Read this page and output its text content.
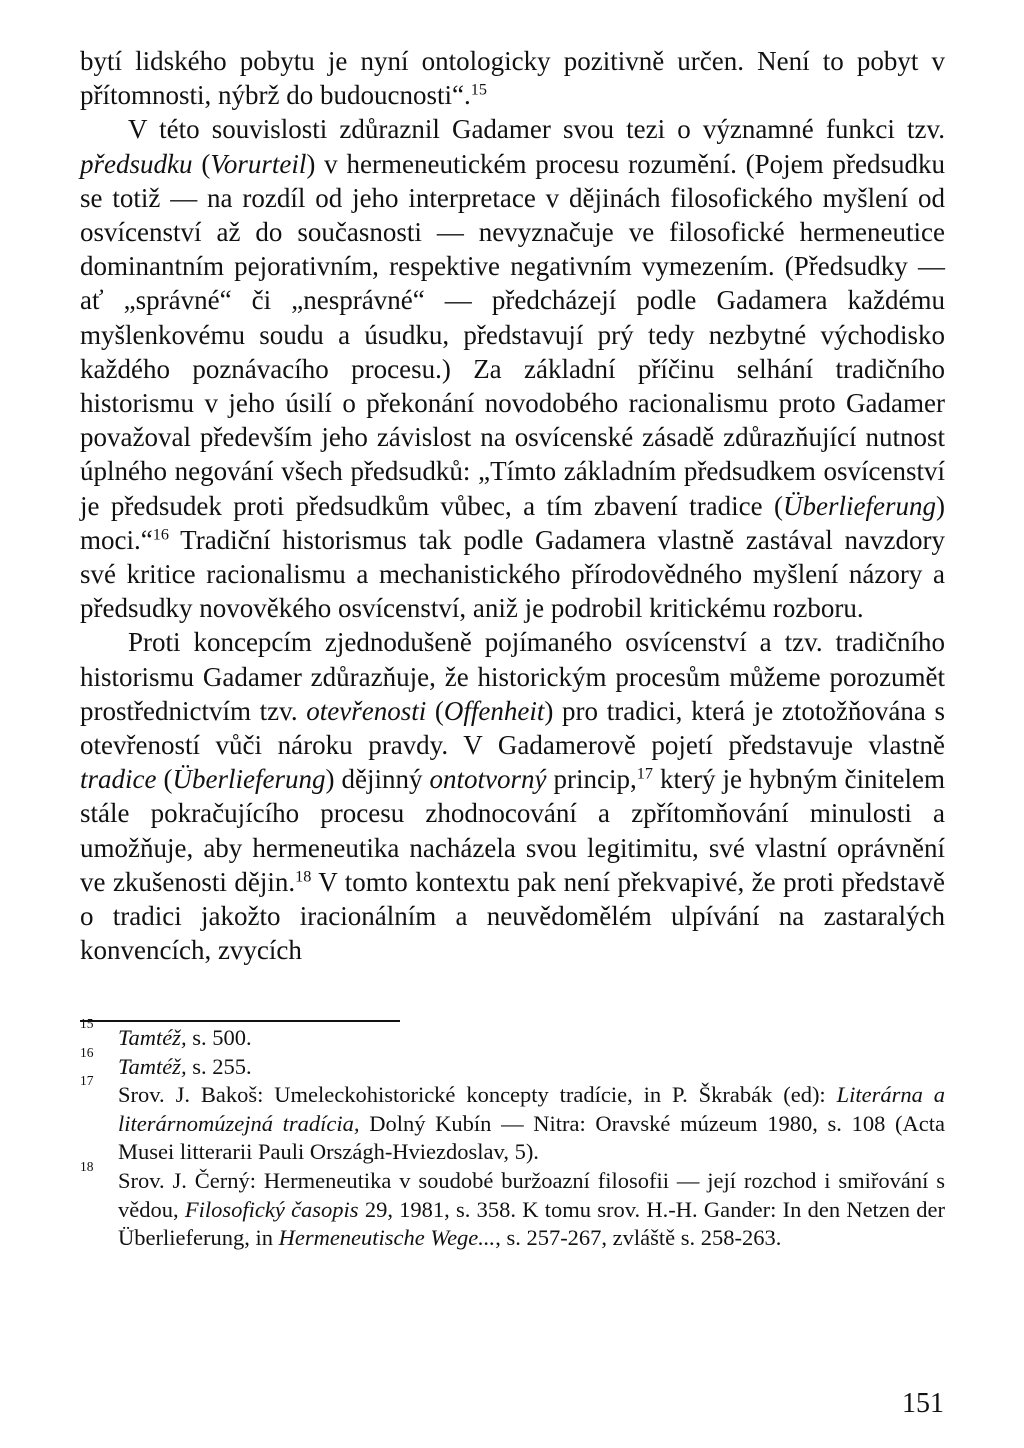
bytí lidského pobytu je nyní ontologicky pozitivně určen. Není to pobyt v přítomnosti, nýbrž do budoucnosti“.$^{15}$

V této souvislosti zdůraznil Gadamer svou tezi o významné funkci tzv. předsudku (Vorurteil) v hermeneutickém procesu rozumění. (Pojem předsudku se totiž — na rozdíl od jeho interpretace v dějinách filosofického myšlení od osvícenství až do současnosti — nevyznačuje ve filosofické hermeneutice dominantním pejorativním, respektive negativním vymezením. (Předsudky — ať „správné“ či „nesprávné“ — předcházejí podle Gadamera každému myšlenkovému soudu a úsudku, představují prý tedy nezbytné východisko každého poznávacího procesu.) Za základní příčinu selhání tradičního historismu v jeho úsilí o překonání novodobého racionalismu proto Gadamer považoval především jeho závislost na osvícenské zásadě zdůrazňující nutnost úplného negování všech předsudků: „Tímto základním předsudkem osvícenství je předsudek proti předsudkům vůbec, a tím zbavení tradice (Überlieferung) moci.“$^{16}$ Tradiční historismus tak podle Gadamera vlastně zastával navzdory své kritice racionalismu a mechanistického přírodovědného myšlení názory a předsudky novověkého osvícenství, aniž je podrobil kritickému rozboru.

Proti koncepcím zjednodušeně pojímaného osvícenství a tzv. tradičního historismu Gadamer zdůrazňuje, že historickým procesům můžeme porozumět prostřednictvím tzv. otevřenosti (Offenheit) pro tradici, která je ztotožňována s otevřeností vůči nároku pravdy. V Gadamerově pojetí představuje vlastně tradice (Überlieferung) dějinný ontotvorný princip,$^{17}$ který je hybným činitelem stále pokračujícího procesu zhodnocování a zpřítomňování minulosti a umožňuje, aby hermeneutika nacházela svou legitimitu, své vlastní oprávnění ve zkušenosti dějin.$^{18}$ V tomto kontextu pak není překvapivé, že proti představě o tradici jakožto iracionálním a neuvědomělém ulpívání na zastaralých konvencích, zvycích

15
Tamtéž, s. 500.
16
Tamtéž, s. 255.
17
Srov. J. Bakoš: Umeleckohistorické koncepty tradície, in P. Škrabák (ed): Literárna a literárnomúzejná tradícia, Dolný Kubín — Nitra: Oravské múzeum 1980, s. 108 (Acta Musei litterarii Pauli Országh-Hviezdoslav, 5).
18
Srov. J. Černý: Hermeneutika v soudobé buržoazní filosofii — její rozchod i smiřování s vědou, Filosofický časopis 29, 1981, s. 358. K tomu srov. H.-H. Gander: In den Netzen der Überlieferung, in Hermeneutische Wege..., s. 257-267, zvláště s. 258-263.
151
